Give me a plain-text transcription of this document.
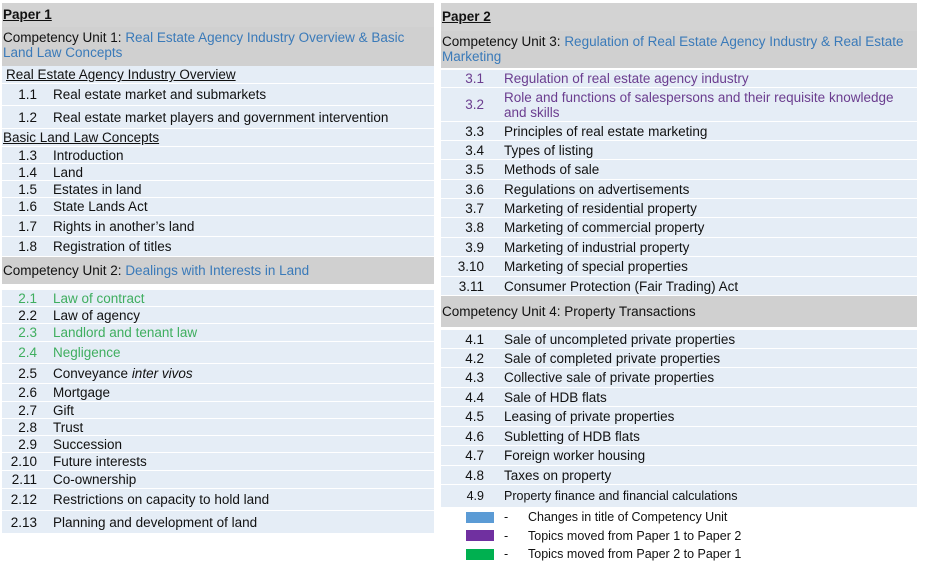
Paper 1
Competency Unit 1: Real Estate Agency Industry Overview & Basic Land Law Concepts
Real Estate Agency Industry Overview
1.1 Real estate market and submarkets
1.2 Real estate market players and government intervention
Basic Land Law Concepts
1.3 Introduction
1.4 Land
1.5 Estates in land
1.6 State Lands Act
1.7 Rights in another’s land
1.8 Registration of titles
Competency Unit 2: Dealings with Interests in Land
2.1 Law of contract
2.2 Law of agency
2.3 Landlord and tenant law
2.4 Negligence
2.5 Conveyance inter vivos
2.6 Mortgage
2.7 Gift
2.8 Trust
2.9 Succession
2.10 Future interests
2.11 Co-ownership
2.12 Restrictions on capacity to hold land
2.13 Planning and development of land
Paper 2
Competency Unit 3: Regulation of Real Estate Agency Industry & Real Estate Marketing
3.1 Regulation of real estate agency industry
3.2 Role and functions of salespersons and their requisite knowledge and skills
3.3 Principles of real estate marketing
3.4 Types of listing
3.5 Methods of sale
3.6 Regulations on advertisements
3.7 Marketing of residential property
3.8 Marketing of commercial property
3.9 Marketing of industrial property
3.10 Marketing of special properties
3.11 Consumer Protection (Fair Trading) Act
Competency Unit 4: Property Transactions
4.1 Sale of uncompleted private properties
4.2 Sale of completed private properties
4.3 Collective sale of private properties
4.4 Sale of HDB flats
4.5 Leasing of private properties
4.6 Subletting of HDB flats
4.7 Foreign worker housing
4.8 Taxes on property
4.9 Property finance and financial calculations
-	Changes in title of Competency Unit
-	Topics moved from Paper 1 to Paper 2
-	Topics moved from Paper 2 to Paper 1
